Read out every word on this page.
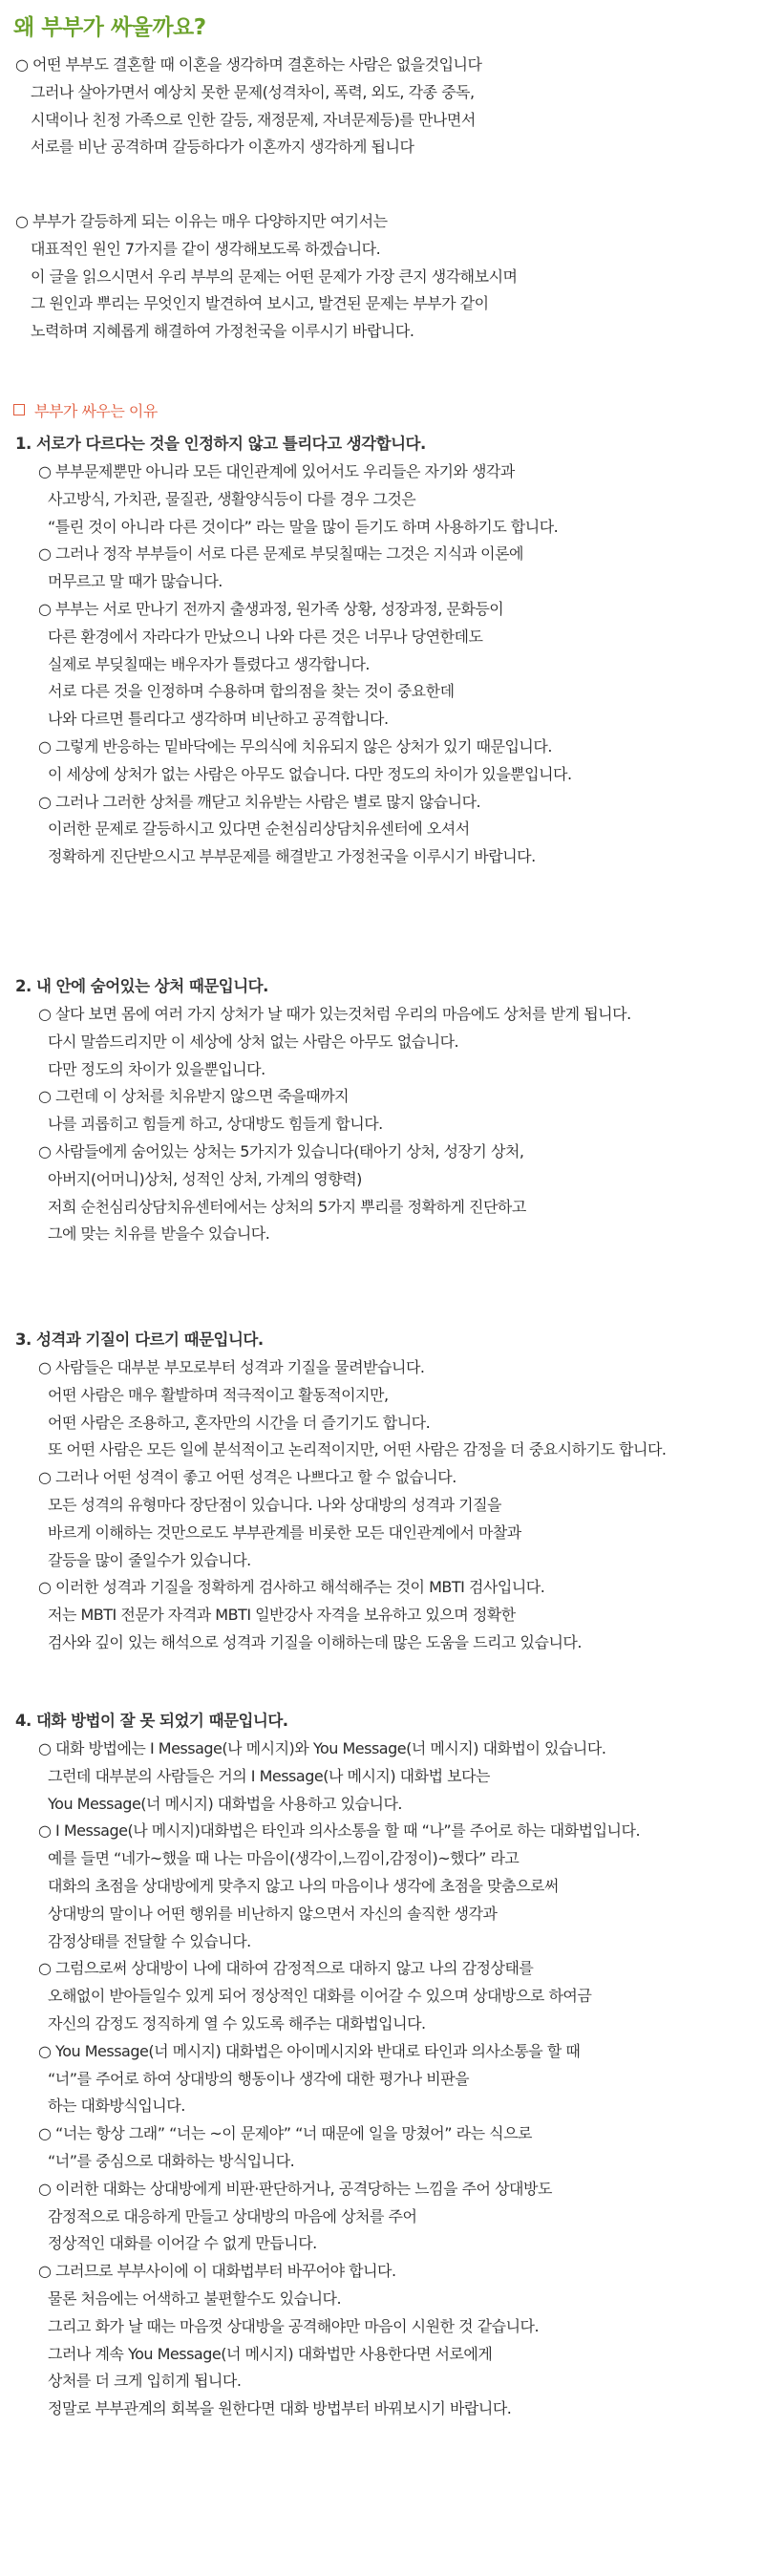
왜 부부가 싸울까요?
부부가 싸우는 이유
○ 어떤 부부도 결혼할 때 이혼을 생각하며 결혼하는 사람은 없을것입니다
그러나 살아가면서 예상치 못한 문제(성격차이, 폭력, 외도, 각종 중독,
시댁이나 친정 가족으로 인한 갈등, 재정문제, 자녀문제등)를 만나면서
서로를 비난 공격하며 갈등하다가 이혼까지 생각하게 됩니다
○ 부부가 갈등하게 되는 이유는 매우 다양하지만 여기서는
대표적인 원인 7가지를 같이 생각해보도록 하겠습니다.
이 글을 읽으시면서 우리 부부의 문제는 어떤 문제가 가장 큰지 생각해보시며
그 원인과 뿌리는 무엇인지 발견하여 보시고, 발견된 문제는 부부가 같이
노력하며 지혜롭게 해결하여 가정천국을 이루시기 바랍니다.
1. 서로가 다르다는 것을 인정하지 않고 틀리다고 생각합니다.
○ 부부문제뿐만 아니라 모든 대인관계에 있어서도 우리들은 자기와 생각과
사고방식, 가치관, 물질관, 생활양식등이 다를 경우 그것은
“틀린 것이 아니라 다른 것이다” 라는 말을 많이 듣기도 하며 사용하기도 합니다.
○ 그러나 정작 부부들이 서로 다른 문제로 부딪칠때는 그것은 지식과 이론에
머무르고 말 때가 많습니다.
○ 부부는 서로 만나기 전까지 출생과정, 원가족 상황, 성장과정, 문화등이
다른 환경에서 자라다가 만났으니 나와 다른 것은 너무나 당연한데도
실제로 부딪칠때는 배우자가 틀렸다고 생각합니다.
서로 다른 것을 인정하며 수용하며 합의점을 찾는 것이 중요한데
나와 다르면 틀리다고 생각하며 비난하고 공격합니다.
○ 그렇게 반응하는 밑바닥에는 무의식에 치유되지 않은 상처가 있기 때문입니다.
이 세상에 상처가 없는 사람은 아무도 없습니다. 다만 정도의 차이가 있을뿐입니다.
○ 그러나 그러한 상처를 깨닫고 치유받는 사람은 별로 많지 않습니다.
이러한 문제로 갈등하시고 있다면 순천심리상담치유센터에 오셔서
정확하게 진단받으시고 부부문제를 해결받고 가정천국을 이루시기 바랍니다.
2. 내 안에 숨어있는 상처 때문입니다.
○ 살다 보면 몸에 여러 가지 상처가 날 때가 있는것처럼 우리의 마음에도 상처를 받게 됩니다.
다시 말씀드리지만 이 세상에 상처 없는 사람은 아무도 없습니다.
다만 정도의 차이가 있을뿐입니다.
○ 그런데 이 상처를 치유받지 않으면 죽을때까지
나를 괴롭히고 힘들게 하고, 상대방도 힘들게 합니다.
○ 사람들에게 숨어있는 상처는 5가지가 있습니다(태아기 상처, 성장기 상처,
아버지(어머니)상처, 성적인 상처, 가계의 영향력)
저희 순천심리상담치유센터에서는 상처의 5가지 뿌리를 정확하게 진단하고
그에 맞는 치유를 받을수 있습니다.
3. 성격과 기질이 다르기 때문입니다.
○ 사람들은 대부분 부모로부터 성격과 기질을 물려받습니다.
어떤 사람은 매우 활발하며 적극적이고 활동적이지만,
어떤 사람은 조용하고, 혼자만의 시간을 더 즐기기도 합니다.
또 어떤 사람은 모든 일에 분석적이고 논리적이지만, 어떤 사람은 감정을 더 중요시하기도 합니다.
○ 그러나 어떤 성격이 좋고 어떤 성격은 나쁘다고 할 수 없습니다.
모든 성격의 유형마다 장단점이 있습니다. 나와 상대방의 성격과 기질을
바르게 이해하는 것만으로도 부부관계를 비롯한 모든 대인관계에서 마찰과
갈등을 많이 줄일수가 있습니다.
○ 이러한 성격과 기질을 정확하게 검사하고 해석해주는 것이 MBTI 검사입니다.
저는 MBTI 전문가 자격과 MBTI 일반강사 자격을 보유하고 있으며 정확한
검사와 깊이 있는 해석으로 성격과 기질을 이해하는데 많은 도움을 드리고 있습니다.
4. 대화 방법이 잘 못 되었기 때문입니다.
○ 대화 방법에는 I Message(나 메시지)와 You Message(너 메시지) 대화법이 있습니다.
그런데 대부분의 사람들은 거의 I Message(나 메시지) 대화법 보다는
You Message(너 메시지) 대화법을 사용하고 있습니다.
○ I Message(나 메시지)대화법은 타인과 의사소통을 할 때 “나”를 주어로 하는 대화법입니다.
예를 들면 “네가~했을 때 나는 마음이(생각이,느낌이,감정이)~했다” 라고
대화의 초점을 상대방에게 맞추지 않고 나의 마음이나 생각에 초점을 맞춤으로써
상대방의 말이나 어떤 행위를 비난하지 않으면서 자신의 솔직한 생각과
감정상태를 전달할 수 있습니다.
○ 그럼으로써 상대방이 나에 대하여 감정적으로 대하지 않고 나의 감정상태를
오해없이 받아들일수 있게 되어 정상적인 대화를 이어갈 수 있으며 상대방으로 하여금
자신의 감정도 정직하게 열 수 있도록 해주는 대화법입니다.
○ You Message(너 메시지) 대화법은 아이메시지와 반대로 타인과 의사소통을 할 때
“너”를 주어로 하여 상대방의 행동이나 생각에 대한 평가나 비판을
하는 대화방식입니다.
○ “너는 항상 그래” “너는 ~이 문제야” “너 때문에 일을 망쳤어” 라는 식으로
“너”를 중심으로 대화하는 방식입니다.
○ 이러한 대화는 상대방에게 비판·판단하거나, 공격당하는 느낌을 주어 상대방도
감정적으로 대응하게 만들고 상대방의 마음에 상처를 주어
정상적인 대화를 이어갈 수 없게 만듭니다.
○ 그러므로 부부사이에 이 대화법부터 바꾸어야 합니다.
물론 처음에는 어색하고 불편할수도 있습니다.
그리고 화가 날 때는 마음껏 상대방을 공격해야만 마음이 시원한 것 같습니다.
그러나 계속 You Message(너 메시지) 대화법만 사용한다면 서로에게
상처를 더 크게 입히게 됩니다.
정말로 부부관계의 회복을 원한다면 대화 방법부터 바꿔보시기 바랍니다.
